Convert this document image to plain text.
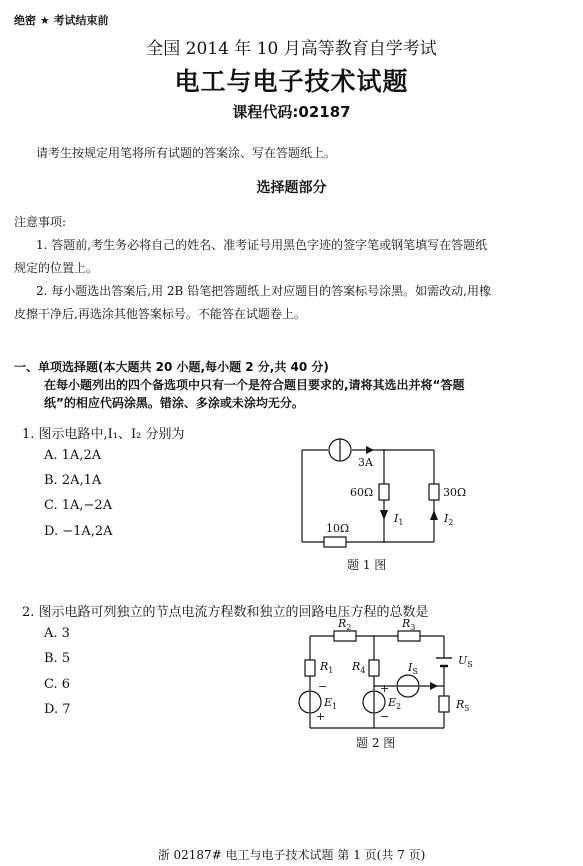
绝密 ★ 考试结束前
全国 2014 年 10 月高等教育自学考试
电工与电子技术试题
课程代码:02187
请考生按规定用笔将所有试题的答案涂、写在答题纸上。
选择题部分
注意事项:
1. 答题前,考生务必将自己的姓名、准考证号用黑色字迹的签字笔或钢笔填写在答题纸
规定的位置上。
2. 每小题选出答案后,用 2B 铅笔把答题纸上对应题目的答案标号涂黑。如需改动,用橡
皮擦干净后,再选涂其他答案标号。不能答在试题卷上。
一、单项选择题(本大题共 20 小题,每小题 2 分,共 40 分)
在每小题列出的四个备选项中只有一个是符合题目要求的,请将其选出并将“答题
纸”的相应代码涂黑。错涂、多涂或未涂均无分。
1. 图示电路中,I₁、I₂ 分别为
A. 1A,2A
B. 2A,1A
C. 1A,−2A
D. −1A,2A
3A
60Ω	30Ω
10Ω
$I_1$	$I_2$
题 1 图
2. 图示电路可列独立的节点电流方程数和独立的回路电压方程的总数是
A. 3
B. 5
C. 6
D. 7
$R_2$	$R_3$
$R_1$ $R_4$
$R_5$
$I_S$
$U_S$
$E_1$	$E_2$
−
+	−
+
题 2 图
浙 02187# 电工与电子技术试题 第 1 页(共 7 页)
